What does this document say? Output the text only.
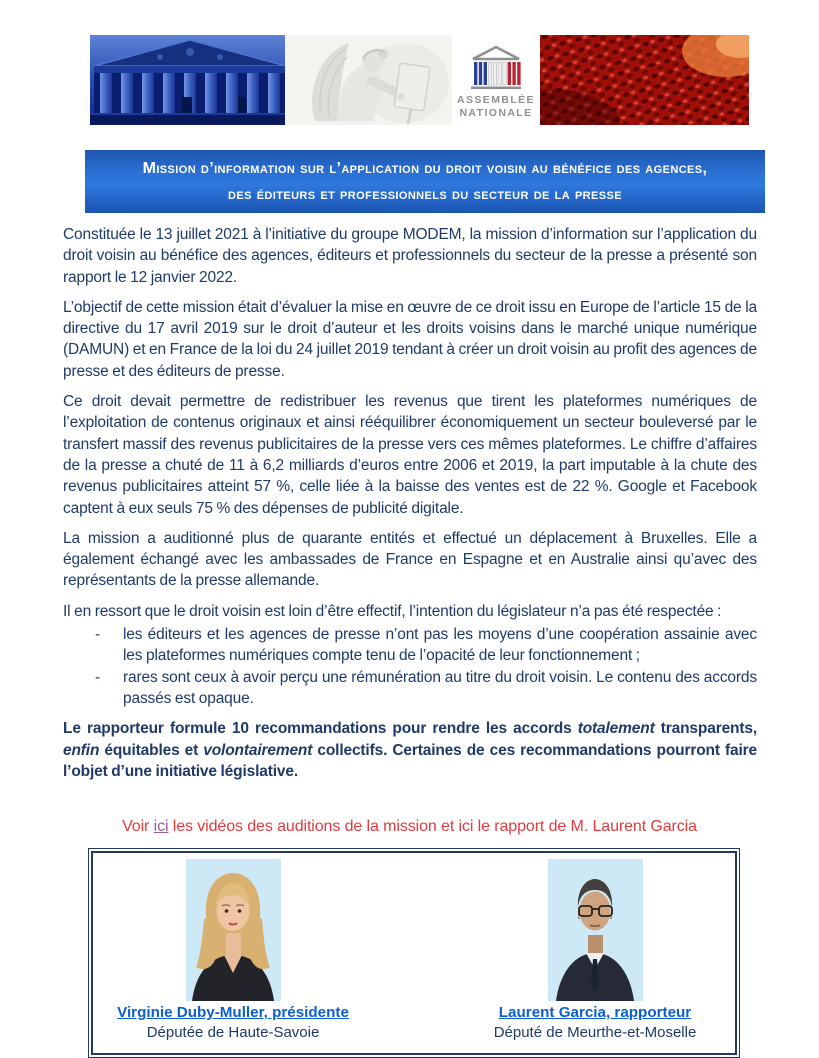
ASSEMBLÉE
NATIONALE
Mission d’information sur l’application du droit voisin au bénéfice des agences,
des éditeurs et professionnels du secteur de la presse

Constituée le 13 juillet 2021 à l’initiative du groupe MODEM, la mission d’information sur l’application du droit voisin au bénéfice des agences, éditeurs et professionnels du secteur de la presse a présenté son rapport le 12 janvier 2022.

L’objectif de cette mission était d’évaluer la mise en œuvre de ce droit issu en Europe de l’article 15 de la directive du 17 avril 2019 sur le droit d’auteur et les droits voisins dans le marché unique numérique (DAMUN) et en France de la loi du 24 juillet 2019 tendant à créer un droit voisin au profit des agences de presse et des éditeurs de presse.

Ce droit devait permettre de redistribuer les revenus que tirent les plateformes numériques de l’exploitation de contenus originaux et ainsi rééquilibrer économiquement un secteur bouleversé par le transfert massif des revenus publicitaires de la presse vers ces mêmes plateformes. Le chiffre d’affaires de la presse a chuté de 11 à 6,2 milliards d’euros entre 2006 et 2019, la part imputable à la chute des revenus publicitaires atteint 57 %, celle liée à la baisse des ventes est de 22 %. Google et Facebook captent à eux seuls 75 % des dépenses de publicité digitale.

La mission a auditionné plus de quarante entités et effectué un déplacement à Bruxelles. Elle a également échangé avec les ambassades de France en Espagne et en Australie ainsi qu’avec des représentants de la presse allemande.

Il en ressort que le droit voisin est loin d’être effectif, l’intention du législateur n’a pas été respectée :

- les éditeurs et les agences de presse n’ont pas les moyens d’une coopération assainie avec les plateformes numériques compte tenu de l’opacité de leur fonctionnement ;
- rares sont ceux à avoir perçu une rémunération au titre du droit voisin. Le contenu des accords passés est opaque.

Le rapporteur formule 10 recommandations pour rendre les accords totalement transparents, enfin équitables et volontairement collectifs. Certaines de ces recommandations pourront faire l’objet d’une initiative législative.

Voir ici les vidéos des auditions de la mission et ici le rapport de M. Laurent Garcia
Virginie Duby-Muller, présidente
Députée de Haute-Savoie
Laurent Garcia, rapporteur
Député de Meurthe-et-Moselle
